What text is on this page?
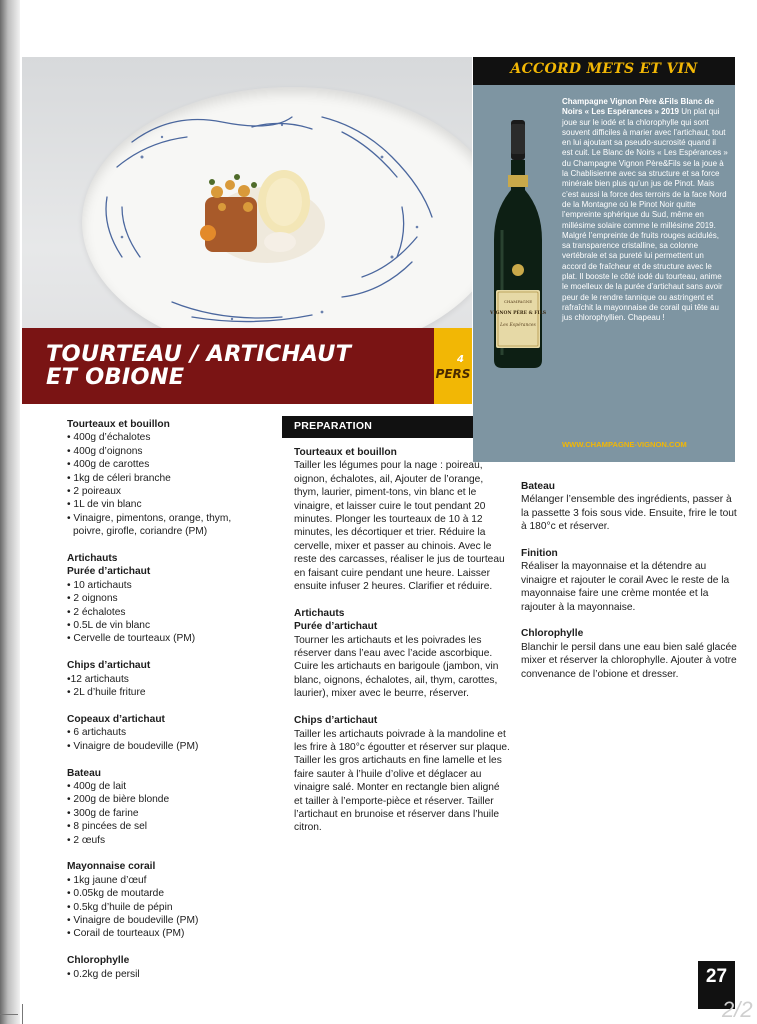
TOURTEAU / ARTICHAUT
ET OBIONE
4
PERS
ACCORD METS ET VIN
CHAMPAGNE
VIGNON PÈRE & FILS
Les Espérances
Champagne Vignon Père &Fils Blanc de Noirs « Les Espérances » 2019 Un plat qui joue sur le iodé et la chlorophylle qui sont souvent difficiles à marier avec l’artichaut, tout en lui ajoutant sa pseudo-sucrosité quand il est cuit. Le Blanc de Noirs « Les Espérances » du Champagne Vignon Père&Fils se la joue à la Chablisienne avec sa structure et sa force minérale bien plus qu’un jus de Pinot. Mais c’est aussi la force des terroirs de la face Nord de la Montagne où le Pinot Noir quitte l’empreinte sphérique du Sud, même en millésime solaire comme le millésime 2019. Malgré l’empreinte de fruits rouges acidulés, sa transparence cristalline, sa colonne vertébrale et sa pureté lui permettent un accord de fraîcheur et de structure avec le plat. Il booste le côté iodé du tourteau, anime le moelleux de la purée d’artichaut sans avoir peur de le rendre tannique ou astringent et rafraîchit la mayonnaise de corail qui tête au jus chlorophyllien. Chapeau !
WWW.CHAMPAGNE-VIGNON.COM
Tourteaux et bouillon
• 400g d’échalotes
• 400g d’oignons
• 400g de carottes
• 1kg de céleri branche
• 2 poireaux
• 1L de vin blanc
• Vinaigre, pimentons, orange, thym,
poivre, girofle, coriandre (PM)
Artichauts
Purée d’artichaut
• 10 artichauts
• 2 oignons
• 2 échalotes
• 0.5L de vin blanc
• Cervelle de tourteaux (PM)
Chips d’artichaut
•12 artichauts
• 2L d’huile friture
Copeaux d’artichaut
• 6 artichauts
• Vinaigre de boudeville (PM)
Bateau
• 400g de lait
• 200g de bière blonde
• 300g de farine
• 8 pincées de sel
• 2 œufs
Mayonnaise corail
• 1kg jaune d’œuf
• 0.05kg de moutarde
• 0.5kg d’huile de pépin
• Vinaigre de boudeville (PM)
• Corail de tourteaux (PM)
Chlorophylle
• 0.2kg de persil
PREPARATION
Tourteaux et bouillon

Tailler les légumes pour la nage : poireau, oignon, échalotes, ail, Ajouter de l’orange, thym, laurier, piment-tons, vin blanc et le vinaigre, et laisser cuire le tout pendant 20 minutes. Plonger les tourteaux de 10 à 12 minutes, les décortiquer et trier. Réduire la cervelle, mixer et passer au chinois. Avec le reste des carcasses, réaliser le jus de tourteau en faisant cuire pendant une heure. Laisser ensuite infuser 2 heures. Clarifier et réduire.

Artichauts
Purée d’artichaut

Tourner les artichauts et les poivrades les réserver dans l’eau avec l’acide ascorbique. Cuire les artichauts en barigoule (jambon, vin blanc, oignons, échalotes, ail, thym, carottes, laurier), mixer avec le beurre, réserver.

Chips d’artichaut

Tailler les artichauts poivrade à la mandoline et les frire à 180°c égoutter et réserver sur plaque. Tailler les gros artichauts en fine lamelle et les faire sauter à l’huile d’olive et déglacer au vinaigre salé. Monter en rectangle bien aligné et tailler à l’emporte-pièce et réserver. Tailler l’artichaut en brunoise et réserver dans l’huile citron.

Bateau

Mélanger l’ensemble des ingrédients, passer à la passette 3 fois sous vide. Ensuite, frire le tout à 180°c et réserver.

Finition

Réaliser la mayonnaise et la détendre au vinaigre et rajouter le corail Avec le reste de la mayonnaise faire une crème montée et la rajouter à la mayonnaise.

Chlorophylle

Blanchir le persil dans une eau bien salé glacée mixer et réserver la chlorophylle. Ajouter à votre convenance de l’obione et dresser.

27
2/2
